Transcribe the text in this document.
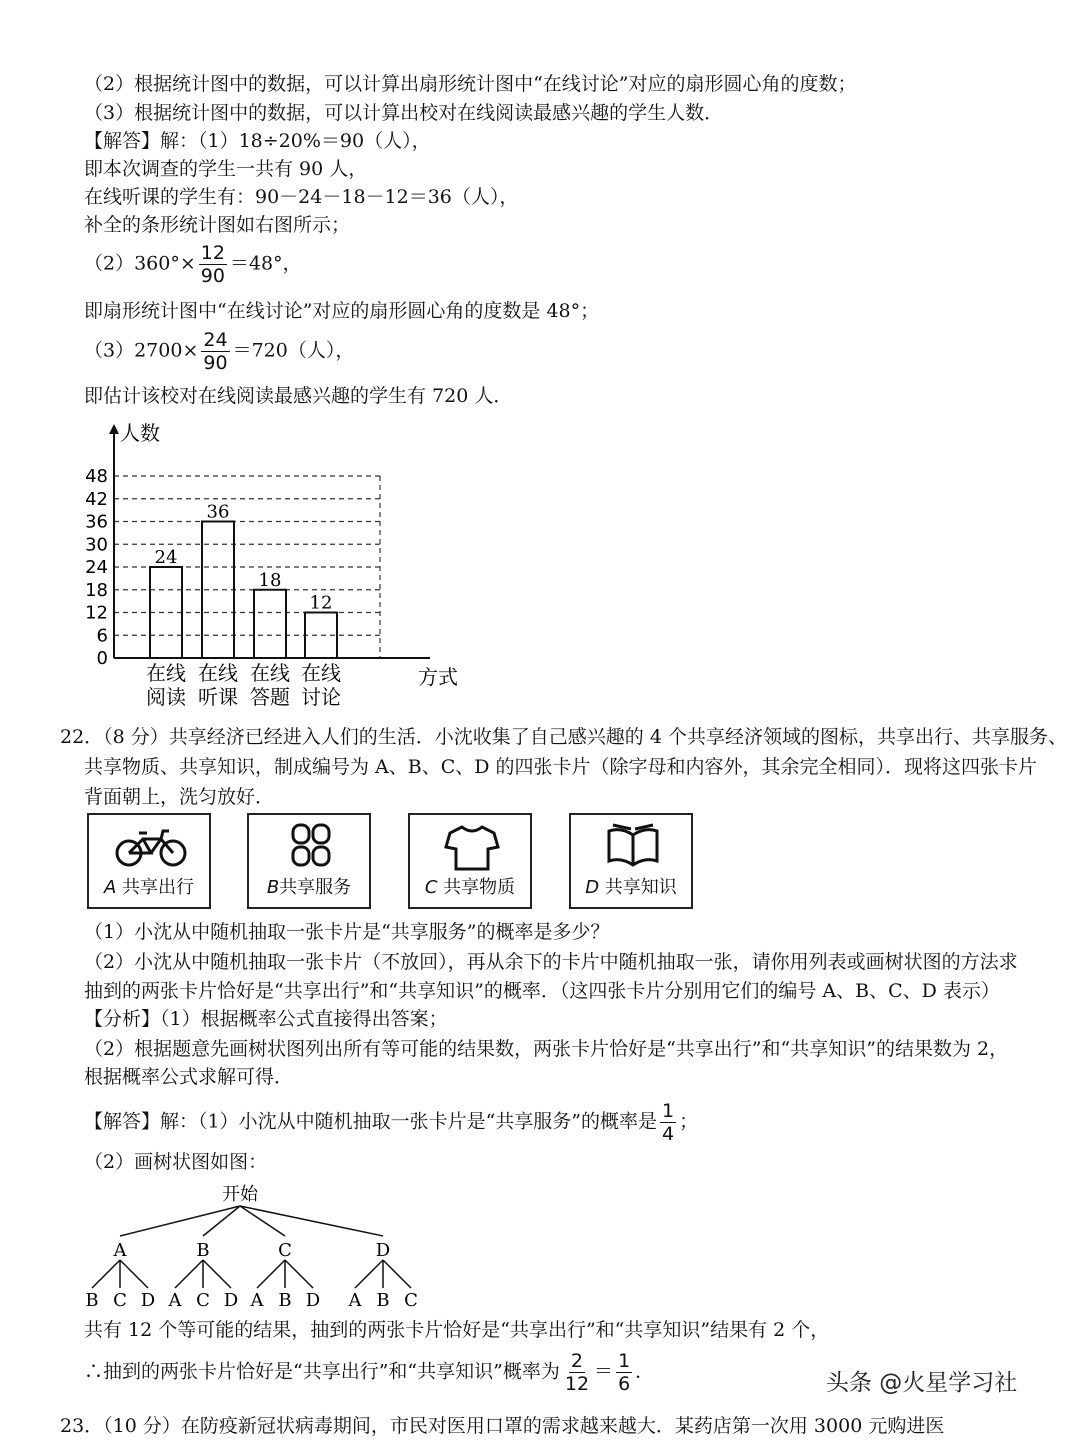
（2）根据统计图中的数据，可以计算出扇形统计图中“在线讨论”对应的扇形圆心角的度数；
（3）根据统计图中的数据，可以计算出校对在线阅读最感兴趣的学生人数．
【解答】解：（1）18÷20%＝90（人），
即本次调查的学生一共有 90 人，
在线听课的学生有：90－24－18－12＝36（人），
补全的条形统计图如右图所示；
$(2)360^\circ\times \frac{12}{90} =48^\circ$，
即扇形统计图中“在线讨论”对应的扇形圆心角的度数是 48°；
$(3)2700\times \frac{24}{90} =720$（人），
即估计该校对在线阅读最感兴趣的学生有 720 人．
0
6
12
18
24
30
36
42
48
人数
方式
24
在线
阅读
36
在线
听课
18
在线
答题
12
在线
讨论
22．（8 分）共享经济已经进入人们的生活．小沈收集了自己感兴趣的 4 个共享经济领域的图标，共享出行、共享服务、
共享物质、共享知识，制成编号为 A、B、C、D 的四张卡片（除字母和内容外，其余完全相同）．现将这四张卡片
背面朝上，洗匀放好．
A 共享出行	B共享服务	C 共享物质	D 共享知识
（1）小沈从中随机抽取一张卡片是“共享服务”的概率是多少？
（2）小沈从中随机抽取一张卡片（不放回），再从余下的卡片中随机抽取一张，请你用列表或画树状图的方法求
抽到的两张卡片恰好是“共享出行”和“共享知识”的概率．（这四张卡片分别用它们的编号 A、B、C、D 表示）
【分析】（1）根据概率公式直接得出答案；
（2）根据题意先画树状图列出所有等可能的结果数，两张卡片恰好是“共享出行”和“共享知识”的结果数为 2，
根据概率公式求解可得．
【解答】解：（1）小沈从中随机抽取一张卡片是“共享服务”的概率是 $\frac{1}{4}$ ；
（2）画树状图如图：
开始
A
B C D
B
A C D
C
A B D
D
A B C
共有 12 个等可能的结果，抽到的两张卡片恰好是“共享出行”和“共享知识”结果有 2 个，
∴抽到的两张卡片恰好是“共享出行”和“共享知识”概率为 $\frac{2}{12} = \frac{1}{6}$ ．
23．（10 分）在防疫新冠状病毒期间，市民对医用口罩的需求越来越大．某药店第一次用 3000 元购进医
头条 @火星学习社
